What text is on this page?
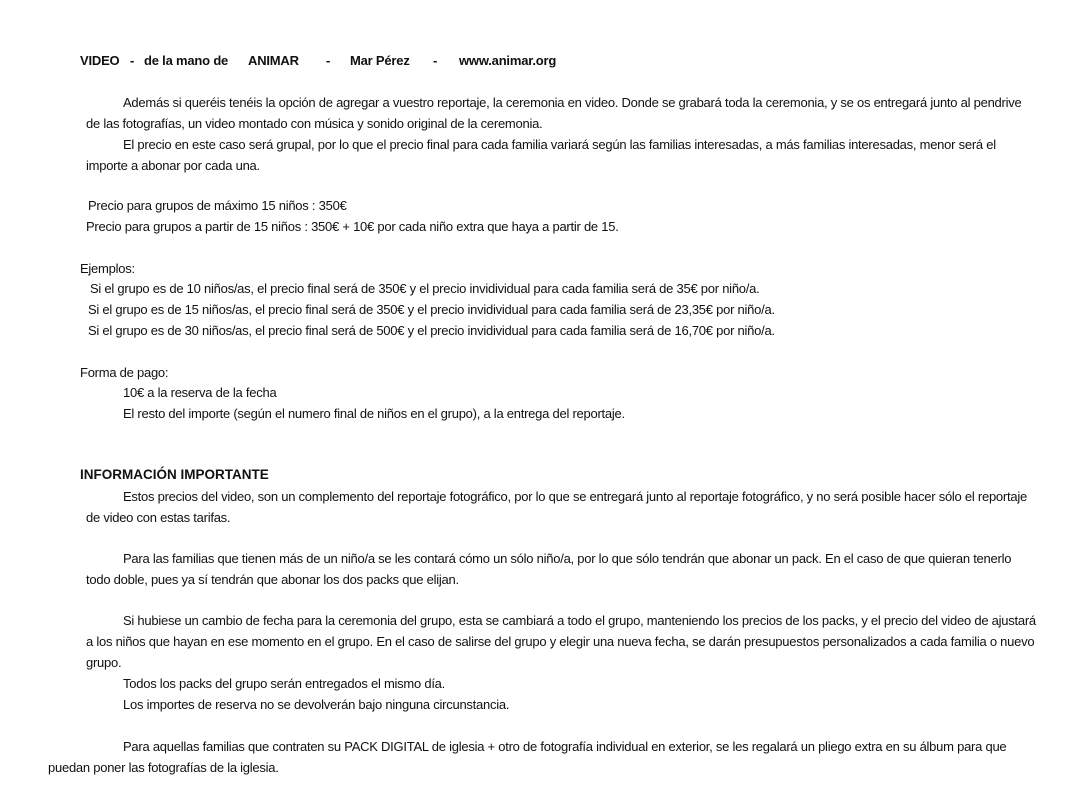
VIDEO - de la mano de ANIMAR - Mar Pérez - www.animar.org
Además si queréis tenéis la opción de agregar a vuestro reportaje, la ceremonia en video. Donde se grabará toda la ceremonia, y se os entregará junto al pendrive
de las fotografías, un video montado con música y sonido original de la ceremonia.
El precio en este caso será grupal, por lo que el precio final para cada familia variará según las familias interesadas, a más familias interesadas, menor será el
importe a abonar por cada una.
Precio para grupos de máximo 15 niños : 350€
Precio para grupos a partir de 15 niños : 350€ + 10€ por cada niño extra que haya a partir de 15.
Ejemplos:
Si el grupo es de 10 niños/as, el precio final será de 350€ y el precio invidividual para cada familia será de 35€ por niño/a.
Si el grupo es de 15 niños/as, el precio final será de 350€ y el precio invidividual para cada familia será de 23,35€ por niño/a.
Si el grupo es de 30 niños/as, el precio final será de 500€ y el precio invidividual para cada familia será de 16,70€ por niño/a.
Forma de pago:
10€ a la reserva de la fecha
El resto del importe (según el numero final de niños en el grupo), a la entrega del reportaje.
INFORMACIÓN IMPORTANTE
Estos precios del video, son un complemento del reportaje fotográfico, por lo que se entregará junto al reportaje fotográfico, y no será posible hacer sólo el reportaje
de video con estas tarifas.
Para las familias que tienen más de un niño/a se les contará cómo un sólo niño/a, por lo que sólo tendrán que abonar un pack. En el caso de que quieran tenerlo
todo doble, pues ya sí tendrán que abonar los dos packs que elijan.
Si hubiese un cambio de fecha para la ceremonia del grupo, esta se cambiará a todo el grupo, manteniendo los precios de los packs, y el precio del video de ajustará
a los niños que hayan en ese momento en el grupo. En el caso de salirse del grupo y elegir una nueva fecha, se darán presupuestos personalizados a cada familia o nuevo
grupo.
Todos los packs del grupo serán entregados el mismo día.
Los importes de reserva no se devolverán bajo ninguna circunstancia.
Para aquellas familias que contraten su PACK DIGITAL de iglesia + otro de fotografía individual en exterior, se les regalará un pliego extra en su álbum para que
puedan poner las fotografías de la iglesia.
